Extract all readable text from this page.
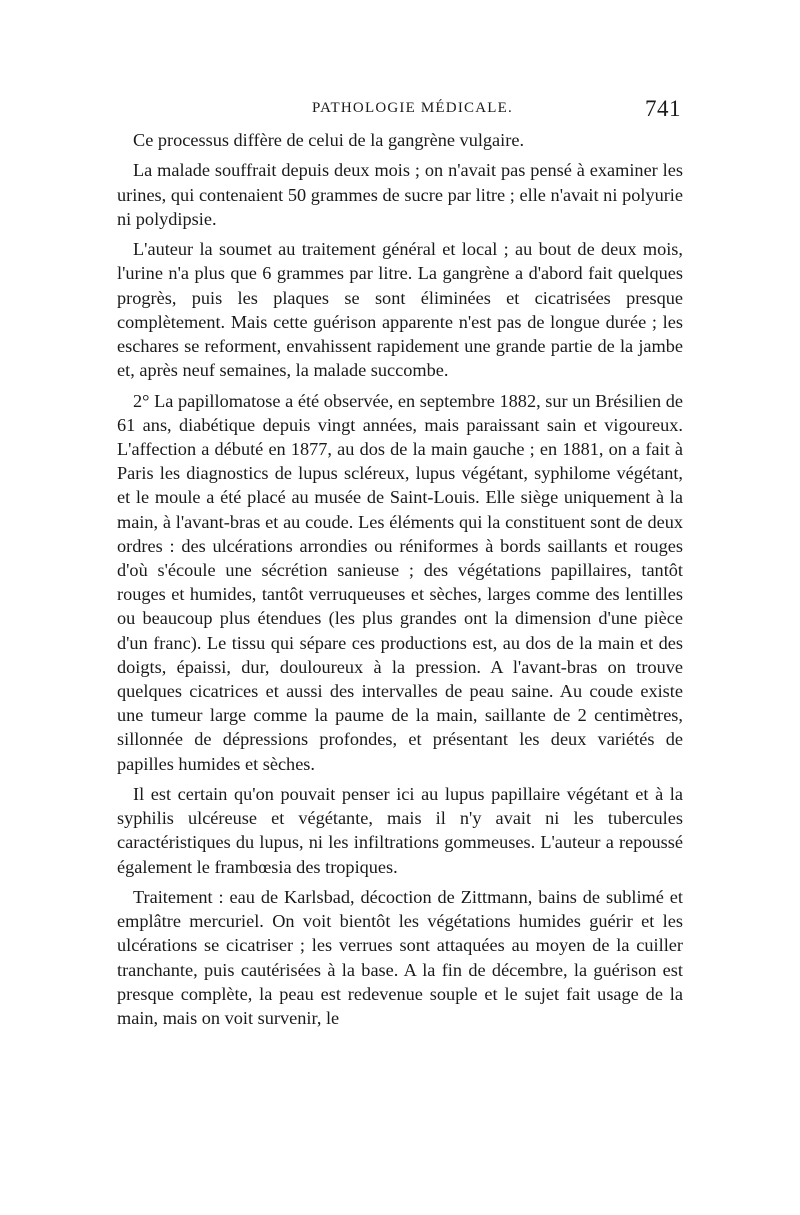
PATHOLOGIE MÉDICALE.	741

Ce processus diffère de celui de la gangrène vulgaire.

La malade souffrait depuis deux mois ; on n'avait pas pensé à examiner les urines, qui contenaient 50 grammes de sucre par litre ; elle n'avait ni polyurie ni polydipsie.

L'auteur la soumet au traitement général et local ; au bout de deux mois, l'urine n'a plus que 6 grammes par litre. La gangrène a d'abord fait quelques progrès, puis les plaques se sont éliminées et cicatrisées presque complètement. Mais cette guérison apparente n'est pas de longue durée ; les eschares se reforment, envahissent rapidement une grande partie de la jambe et, après neuf semaines, la malade succombe.

2° La papillomatose a été observée, en septembre 1882, sur un Brésilien de 61 ans, diabétique depuis vingt années, mais paraissant sain et vigoureux. L'affection a débuté en 1877, au dos de la main gauche ; en 1881, on a fait à Paris les diagnostics de lupus scléreux, lupus végétant, syphilome végétant, et le moule a été placé au musée de Saint-Louis. Elle siège uniquement à la main, à l'avant-bras et au coude. Les éléments qui la constituent sont de deux ordres : des ulcérations arrondies ou réniformes à bords saillants et rouges d'où s'écoule une sécrétion sanieuse ; des végétations papillaires, tantôt rouges et humides, tantôt verruqueuses et sèches, larges comme des lentilles ou beaucoup plus étendues (les plus grandes ont la dimension d'une pièce d'un franc). Le tissu qui sépare ces productions est, au dos de la main et des doigts, épaissi, dur, douloureux à la pression. A l'avant-bras on trouve quelques cicatrices et aussi des intervalles de peau saine. Au coude existe une tumeur large comme la paume de la main, saillante de 2 centimètres, sillonnée de dépressions profondes, et présentant les deux variétés de papilles humides et sèches.

Il est certain qu'on pouvait penser ici au lupus papillaire végétant et à la syphilis ulcéreuse et végétante, mais il n'y avait ni les tubercules caractéristiques du lupus, ni les infiltrations gommeuses. L'auteur a repoussé également le frambœsia des tropiques.

Traitement : eau de Karlsbad, décoction de Zittmann, bains de sublimé et emplâtre mercuriel. On voit bientôt les végétations humides guérir et les ulcérations se cicatriser ; les verrues sont attaquées au moyen de la cuiller tranchante, puis cautérisées à la base. A la fin de décembre, la guérison est presque complète, la peau est redevenue souple et le sujet fait usage de la main, mais on voit survenir, le
